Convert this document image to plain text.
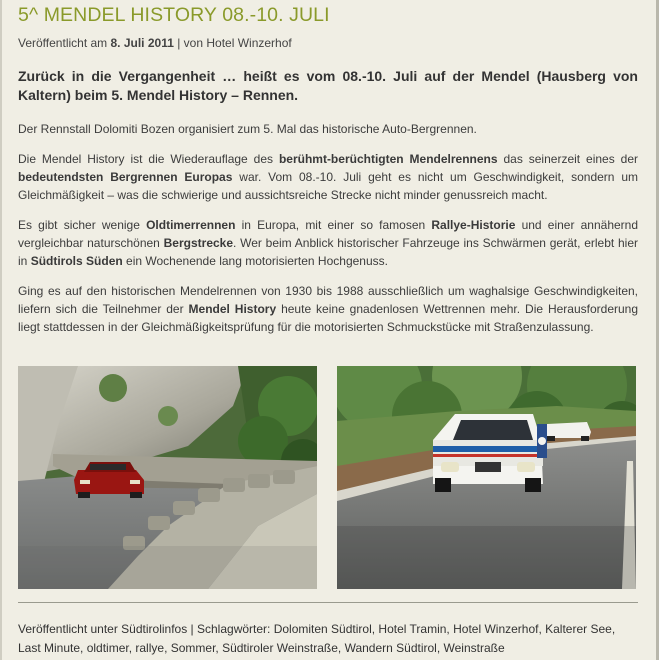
5^ MENDEL HISTORY 08.-10. JULI
Veröffentlicht am 8. Juli 2011 | von Hotel Winzerhof
Zurück in die Vergangenheit … heißt es vom 08.-10. Juli auf der Mendel (Hausberg von Kaltern) beim 5. Mendel History – Rennen.

Der Rennstall Dolomiti Bozen organisiert zum 5. Mal das historische Auto-Bergrennen.

Die Mendel History ist die Wiederauflage des berühmt-berüchtigten Mendelrennens das seinerzeit eines der bedeutendsten Bergrennen Europas war. Vom 08.-10. Juli geht es nicht um Geschwindigkeit, sondern um Gleichmäßigkeit – was die schwierige und aussichtsreiche Strecke nicht minder genussreich macht.

Es gibt sicher wenige Oldtimerrennen in Europa, mit einer so famosen Rallye-Historie und einer annähernd vergleichbar naturschönen Bergstrecke. Wer beim Anblick historischer Fahrzeuge ins Schwärmen gerät, erlebt hier in Südtirols Süden ein Wochenende lang motorisierten Hochgenuss.

Ging es auf den historischen Mendelrennen von 1930 bis 1988 ausschließlich um waghalsige Geschwindigkeiten, liefern sich die Teilnehmer der Mendel History heute keine gnadenlosen Wettrennen mehr. Die Herausforderung liegt stattdessen in der Gleichmäßigkeitsprüfung für die motorisierten Schmuckstücke mit Straßenzulassung.

Veröffentlicht unter Südtirolinfos | Schlagwörter: Dolomiten Südtirol, Hotel Tramin, Hotel Winzerhof, Kalterer See, Last Minute, oldtimer, rallye, Sommer, Südtiroler Weinstraße, Wandern Südtirol, Weinstraße
